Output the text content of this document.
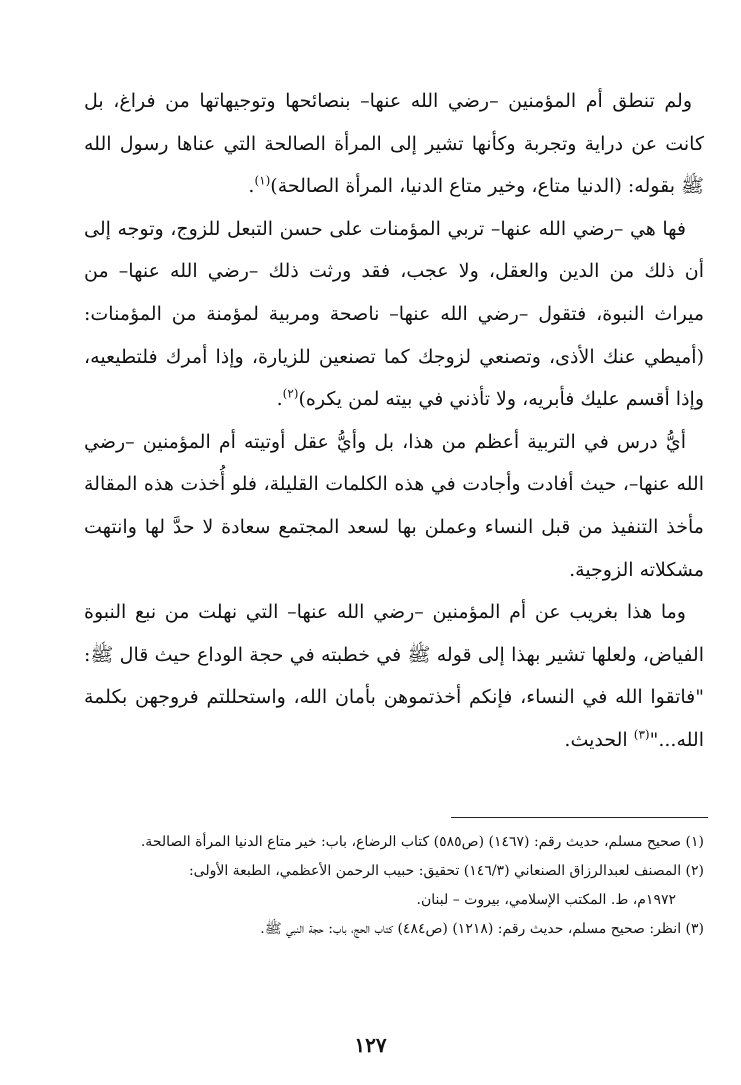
ولم تنطق أم المؤمنين –رضي الله عنها– بنصائحها وتوجيهاتها من فراغ، بل كانت عن دراية وتجربة وكأنها تشير إلى المرأة الصالحة التي عناها رسول الله ﷺ بقوله: (الدنيا متاع، وخير متاع الدنيا، المرأة الصالحة)$^{(١)}$.

فها هي –رضي الله عنها– تربي المؤمنات على حسن التبعل للزوج، وتوجه إلى أن ذلك من الدين والعقل، ولا عجب، فقد ورثت ذلك –رضي الله عنها– من ميراث النبوة، فتقول –رضي الله عنها– ناصحة ومربية لمؤمنة من المؤمنات: (أميطي عنك الأذى، وتصنعي لزوجك كما تصنعين للزيارة، وإذا أمرك فلتطيعيه، وإذا أقسم عليك فأبريه، ولا تأذني في بيته لمن يكره)$^{(٢)}$.

أيُّ درس في التربية أعظم من هذا، بل وأيُّ عقل أوتيته أم المؤمنين –رضي الله عنها–، حيث أفادت وأجادت في هذه الكلمات القليلة، فلو أُخذت هذه المقالة مأخذ التنفيذ من قبل النساء وعملن بها لسعد المجتمع سعادة لا حدَّ لها وانتهت مشكلاته الزوجية.

وما هذا بغريب عن أم المؤمنين –رضي الله عنها– التي نهلت من نبع النبوة الفياض، ولعلها تشير بهذا إلى قوله ﷺ في خطبته في حجة الوداع حيث قال ﷺ: "فاتقوا الله في النساء، فإنكم أخذتموهن بأمان الله، واستحللتم فروجهن بكلمة الله..."$^{(٣)}$ الحديث.

(١) صحيح مسلم، حديث رقم: (١٤٦٧) (ص٥٨٥) كتاب الرضاع، باب: خير متاع الدنيا المرأة الصالحة.

(٢) المصنف لعبدالرزاق الصنعاني (١٤٦/٣) تحقيق: حبيب الرحمن الأعظمي، الطبعة الأولى:

١٩٧٢م، ط. المكتب الإسلامي، بيروت – لبنان.

(٣) انظر: صحيح مسلم، حديث رقم: (١٢١٨) (ص٤٨٤) كتاب الحج، باب: حجة النبي ﷺ.

١٢٧
